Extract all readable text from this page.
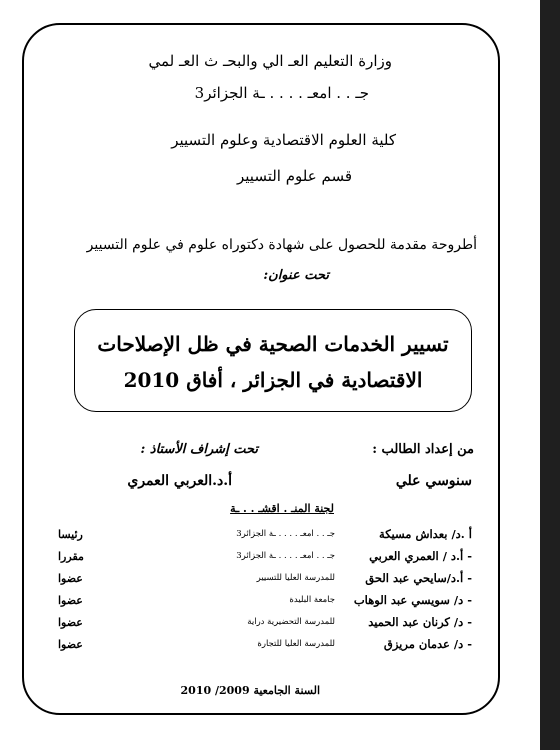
وزارة التعليم العـ الي والبحـ ث العـ لمي
جـ . . امعـ . . . . ـة الجزائر3
كلية العلوم الاقتصادية وعلوم التسيير
قسم علوم التسيير
أطروحة مقدمة للحصول على شهادة دكتوراه علوم في علوم التسيير
تحت عنوان:
تسيير الخدمات الصحية في ظل الإصلاحات
الاقتصادية في الجزائر ، أفاق 2010
من إعداد الطالب :
تحت إشراف الأستاذ :
سنوسي علي
أ.د.العربي العمري
لجنة المنـ . اقشـ . . ـة
أ .د/ بعداش مسيكة
جـ . . امعـ . . . . ـة الجزائر3
رئيسا
- أ.د / العمري العربي
جـ . . امعـ . . . . ـة الجزائر3
مقررا
- أ.د/سايحي عبد الحق
للمدرسة العليا للتسيير
عضوا
- د/ سويسي عبد الوهاب
جامعة البليدة
عضوا
- د/ كرنان عبد الحميد
للمدرسة التحضيرية دراية
عضوا
- د/ عدمان مريزق
للمدرسة العليا للتجارة
عضوا
السنة الجامعية 2009/ 2010
